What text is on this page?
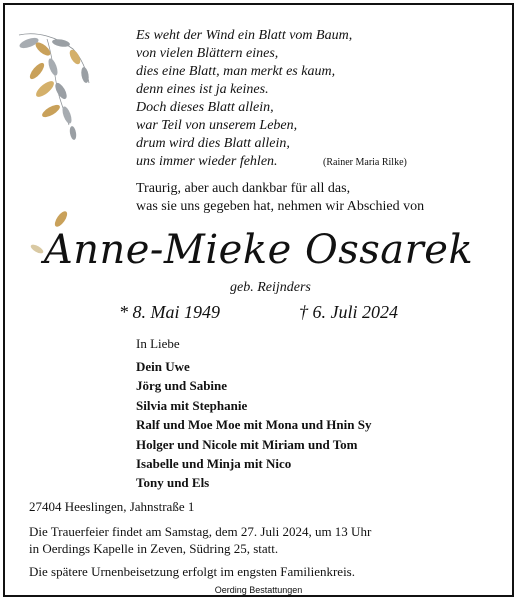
Es weht der Wind ein Blatt vom Baum,
von vielen Blättern eines,
dies eine Blatt, man merkt es kaum,
denn eines ist ja keines.
Doch dieses Blatt allein,
war Teil von unserem Leben,
drum wird dies Blatt allein,
uns immer wieder fehlen.	(Rainer Maria Rilke)
Traurig, aber auch dankbar für all das,
was sie uns gegeben hat, nehmen wir Abschied von
Anne-Mieke Ossarek
geb. Reijnders
* 8. Mai 1949	† 6. Juli 2024
In Liebe
Dein Uwe
Jörg und Sabine
Silvia mit Stephanie
Ralf und Moe Moe mit Mona und Hnin Sy
Holger und Nicole mit Miriam und Tom
Isabelle und Minja mit Nico
Tony und Els
27404 Heeslingen, Jahnstraße 1
Die Trauerfeier findet am Samstag, dem 27. Juli 2024, um 13 Uhr
in Oerdings Kapelle in Zeven, Südring 25, statt.
Die spätere Urnenbeisetzung erfolgt im engsten Familienkreis.
Oerding Bestattungen
